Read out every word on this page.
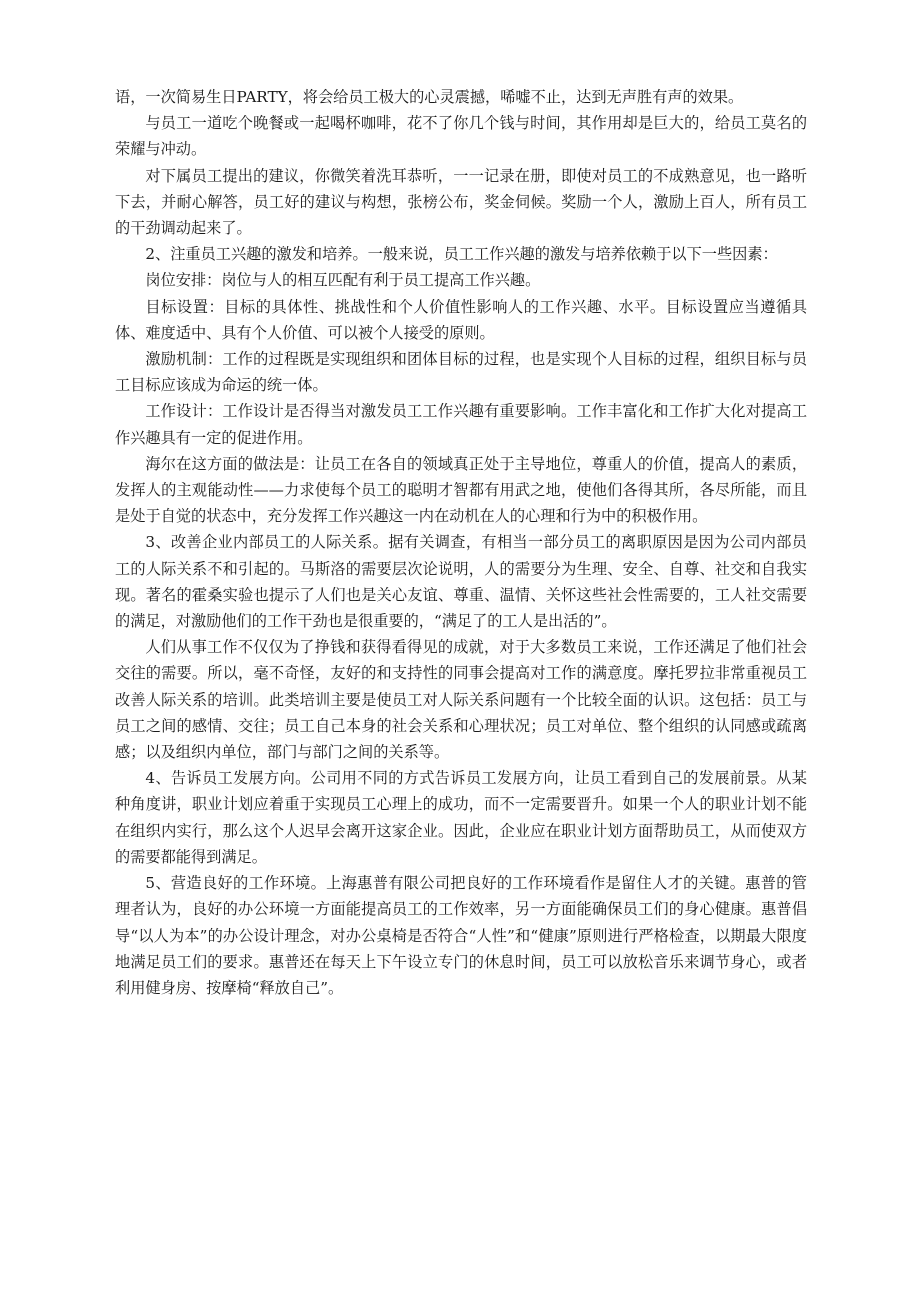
语，一次简易生日PARTY，将会给员工极大的心灵震撼，唏嘘不止，达到无声胜有声的效果。

与员工一道吃个晚餐或一起喝杯咖啡，花不了你几个钱与时间，其作用却是巨大的，给员工莫名的荣耀与冲动。

对下属员工提出的建议，你微笑着洗耳恭听，一一记录在册，即使对员工的不成熟意见，也一路听下去，并耐心解答，员工好的建议与构想，张榜公布，奖金伺候。奖励一个人，激励上百人，所有员工的干劲调动起来了。

2、注重员工兴趣的激发和培养。一般来说，员工工作兴趣的激发与培养依赖于以下一些因素：

岗位安排：岗位与人的相互匹配有利于员工提高工作兴趣。

目标设置：目标的具体性、挑战性和个人价值性影响人的工作兴趣、水平。目标设置应当遵循具体、难度适中、具有个人价值、可以被个人接受的原则。

激励机制：工作的过程既是实现组织和团体目标的过程，也是实现个人目标的过程，组织目标与员工目标应该成为命运的统一体。

工作设计：工作设计是否得当对激发员工工作兴趣有重要影响。工作丰富化和工作扩大化对提高工作兴趣具有一定的促进作用。

海尔在这方面的做法是：让员工在各自的领域真正处于主导地位，尊重人的价值，提高人的素质，发挥人的主观能动性——力求使每个员工的聪明才智都有用武之地，使他们各得其所，各尽所能，而且是处于自觉的状态中，充分发挥工作兴趣这一内在动机在人的心理和行为中的积极作用。

3、改善企业内部员工的人际关系。据有关调查，有相当一部分员工的离职原因是因为公司内部员工的人际关系不和引起的。马斯洛的需要层次论说明，人的需要分为生理、安全、自尊、社交和自我实现。著名的霍桑实验也提示了人们也是关心友谊、尊重、温情、关怀这些社会性需要的，工人社交需要的满足，对激励他们的工作干劲也是很重要的，“满足了的工人是出活的”。

人们从事工作不仅仅为了挣钱和获得看得见的成就，对于大多数员工来说，工作还满足了他们社会交往的需要。所以，毫不奇怪，友好的和支持性的同事会提高对工作的满意度。摩托罗拉非常重视员工改善人际关系的培训。此类培训主要是使员工对人际关系问题有一个比较全面的认识。这包括：员工与员工之间的感情、交往；员工自己本身的社会关系和心理状况；员工对单位、整个组织的认同感或疏离感；以及组织内单位，部门与部门之间的关系等。

4、告诉员工发展方向。公司用不同的方式告诉员工发展方向，让员工看到自己的发展前景。从某种角度讲，职业计划应着重于实现员工心理上的成功，而不一定需要晋升。如果一个人的职业计划不能在组织内实行，那么这个人迟早会离开这家企业。因此，企业应在职业计划方面帮助员工，从而使双方的需要都能得到满足。

5、营造良好的工作环境。上海惠普有限公司把良好的工作环境看作是留住人才的关键。惠普的管理者认为，良好的办公环境一方面能提高员工的工作效率，另一方面能确保员工们的身心健康。惠普倡导“以人为本”的办公设计理念，对办公桌椅是否符合“人性”和“健康”原则进行严格检查，以期最大限度地满足员工们的要求。惠普还在每天上下午设立专门的休息时间，员工可以放松音乐来调节身心，或者利用健身房、按摩椅“释放自己”。
